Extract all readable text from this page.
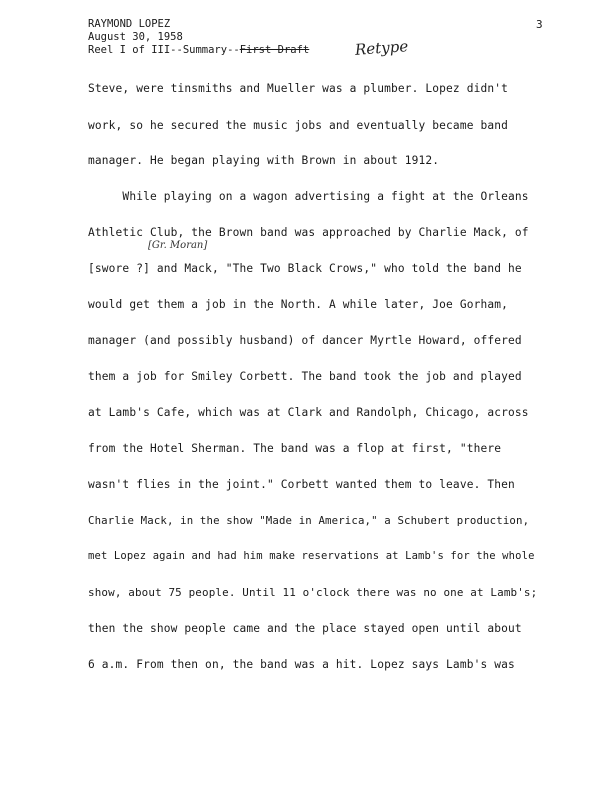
RAYMOND LOPEZ
August 30, 1958
Reel I of III--Summary--First Draft	Retype
3
[Gr. Moran]
Steve, were tinsmiths and Mueller was a plumber. Lopez didn't
work, so he secured the music jobs and eventually became band
manager. He began playing with Brown in about 1912.
While playing on a wagon advertising a fight at the Orleans
Athletic Club, the Brown band was approached by Charlie Mack, of
[swore ?] and Mack, "The Two Black Crows," who told the band he
would get them a job in the North. A while later, Joe Gorham,
manager (and possibly husband) of dancer Myrtle Howard, offered
them a job for Smiley Corbett. The band took the job and played
at Lamb's Cafe, which was at Clark and Randolph, Chicago, across
from the Hotel Sherman. The band was a flop at first, "there
wasn't flies in the joint." Corbett wanted them to leave. Then
Charlie Mack, in the show "Made in America," a Schubert production,
met Lopez again and had him make reservations at Lamb's for the whole
show, about 75 people. Until 11 o'clock there was no one at Lamb's;
then the show people came and the place stayed open until about
6 a.m. From then on, the band was a hit. Lopez says Lamb's was
